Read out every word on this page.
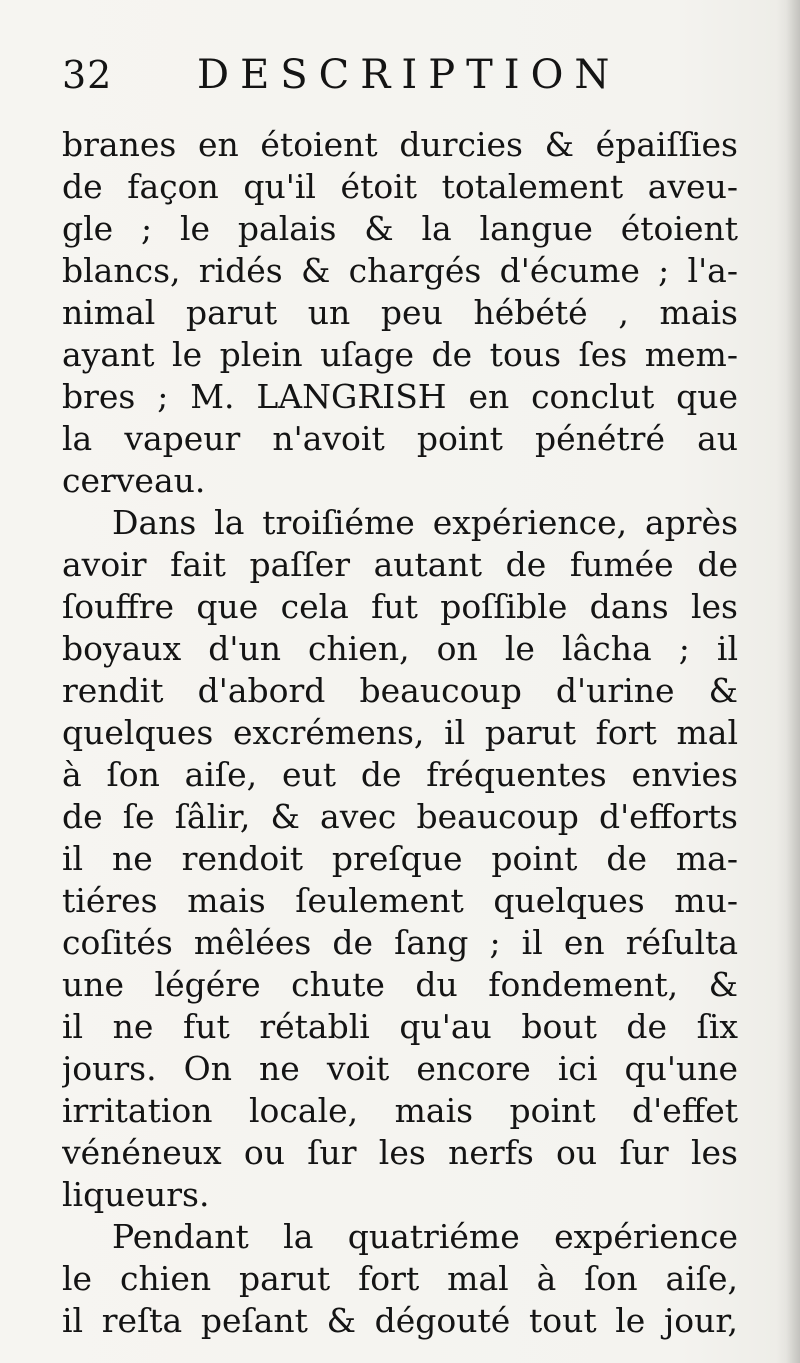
32 DESCRIPTION
branes en étoient durcies & épaiſſies
de façon qu'il étoit totalement aveu-
gle ; le palais & la langue étoient
blancs, ridés & chargés d'écume ; l'a-
nimal parut un peu hébété , mais
ayant le plein uſage de tous ſes mem-
bres ; M. LANGRISH en conclut que
la vapeur n'avoit point pénétré au
cerveau.
Dans la troiſiéme expérience, après
avoir fait paſſer autant de fumée de
ſouffre que cela fut poſſible dans les
boyaux d'un chien, on le lâcha ; il
rendit d'abord beaucoup d'urine &
quelques excrémens, il parut fort mal
à ſon aiſe, eut de fréquentes envies
de ſe ſâlir, & avec beaucoup d'efforts
il ne rendoit preſque point de ma-
tiéres mais ſeulement quelques mu-
coſités mêlées de ſang ; il en réſulta
une légére chute du fondement, &
il ne fut rétabli qu'au bout de ſix
jours. On ne voit encore ici qu'une
irritation locale, mais point d'effet
vénéneux ou ſur les nerfs ou ſur les
liqueurs.
Pendant la quatriéme expérience
le chien parut fort mal à ſon aiſe,
il reſta peſant & dégouté tout le jour,
